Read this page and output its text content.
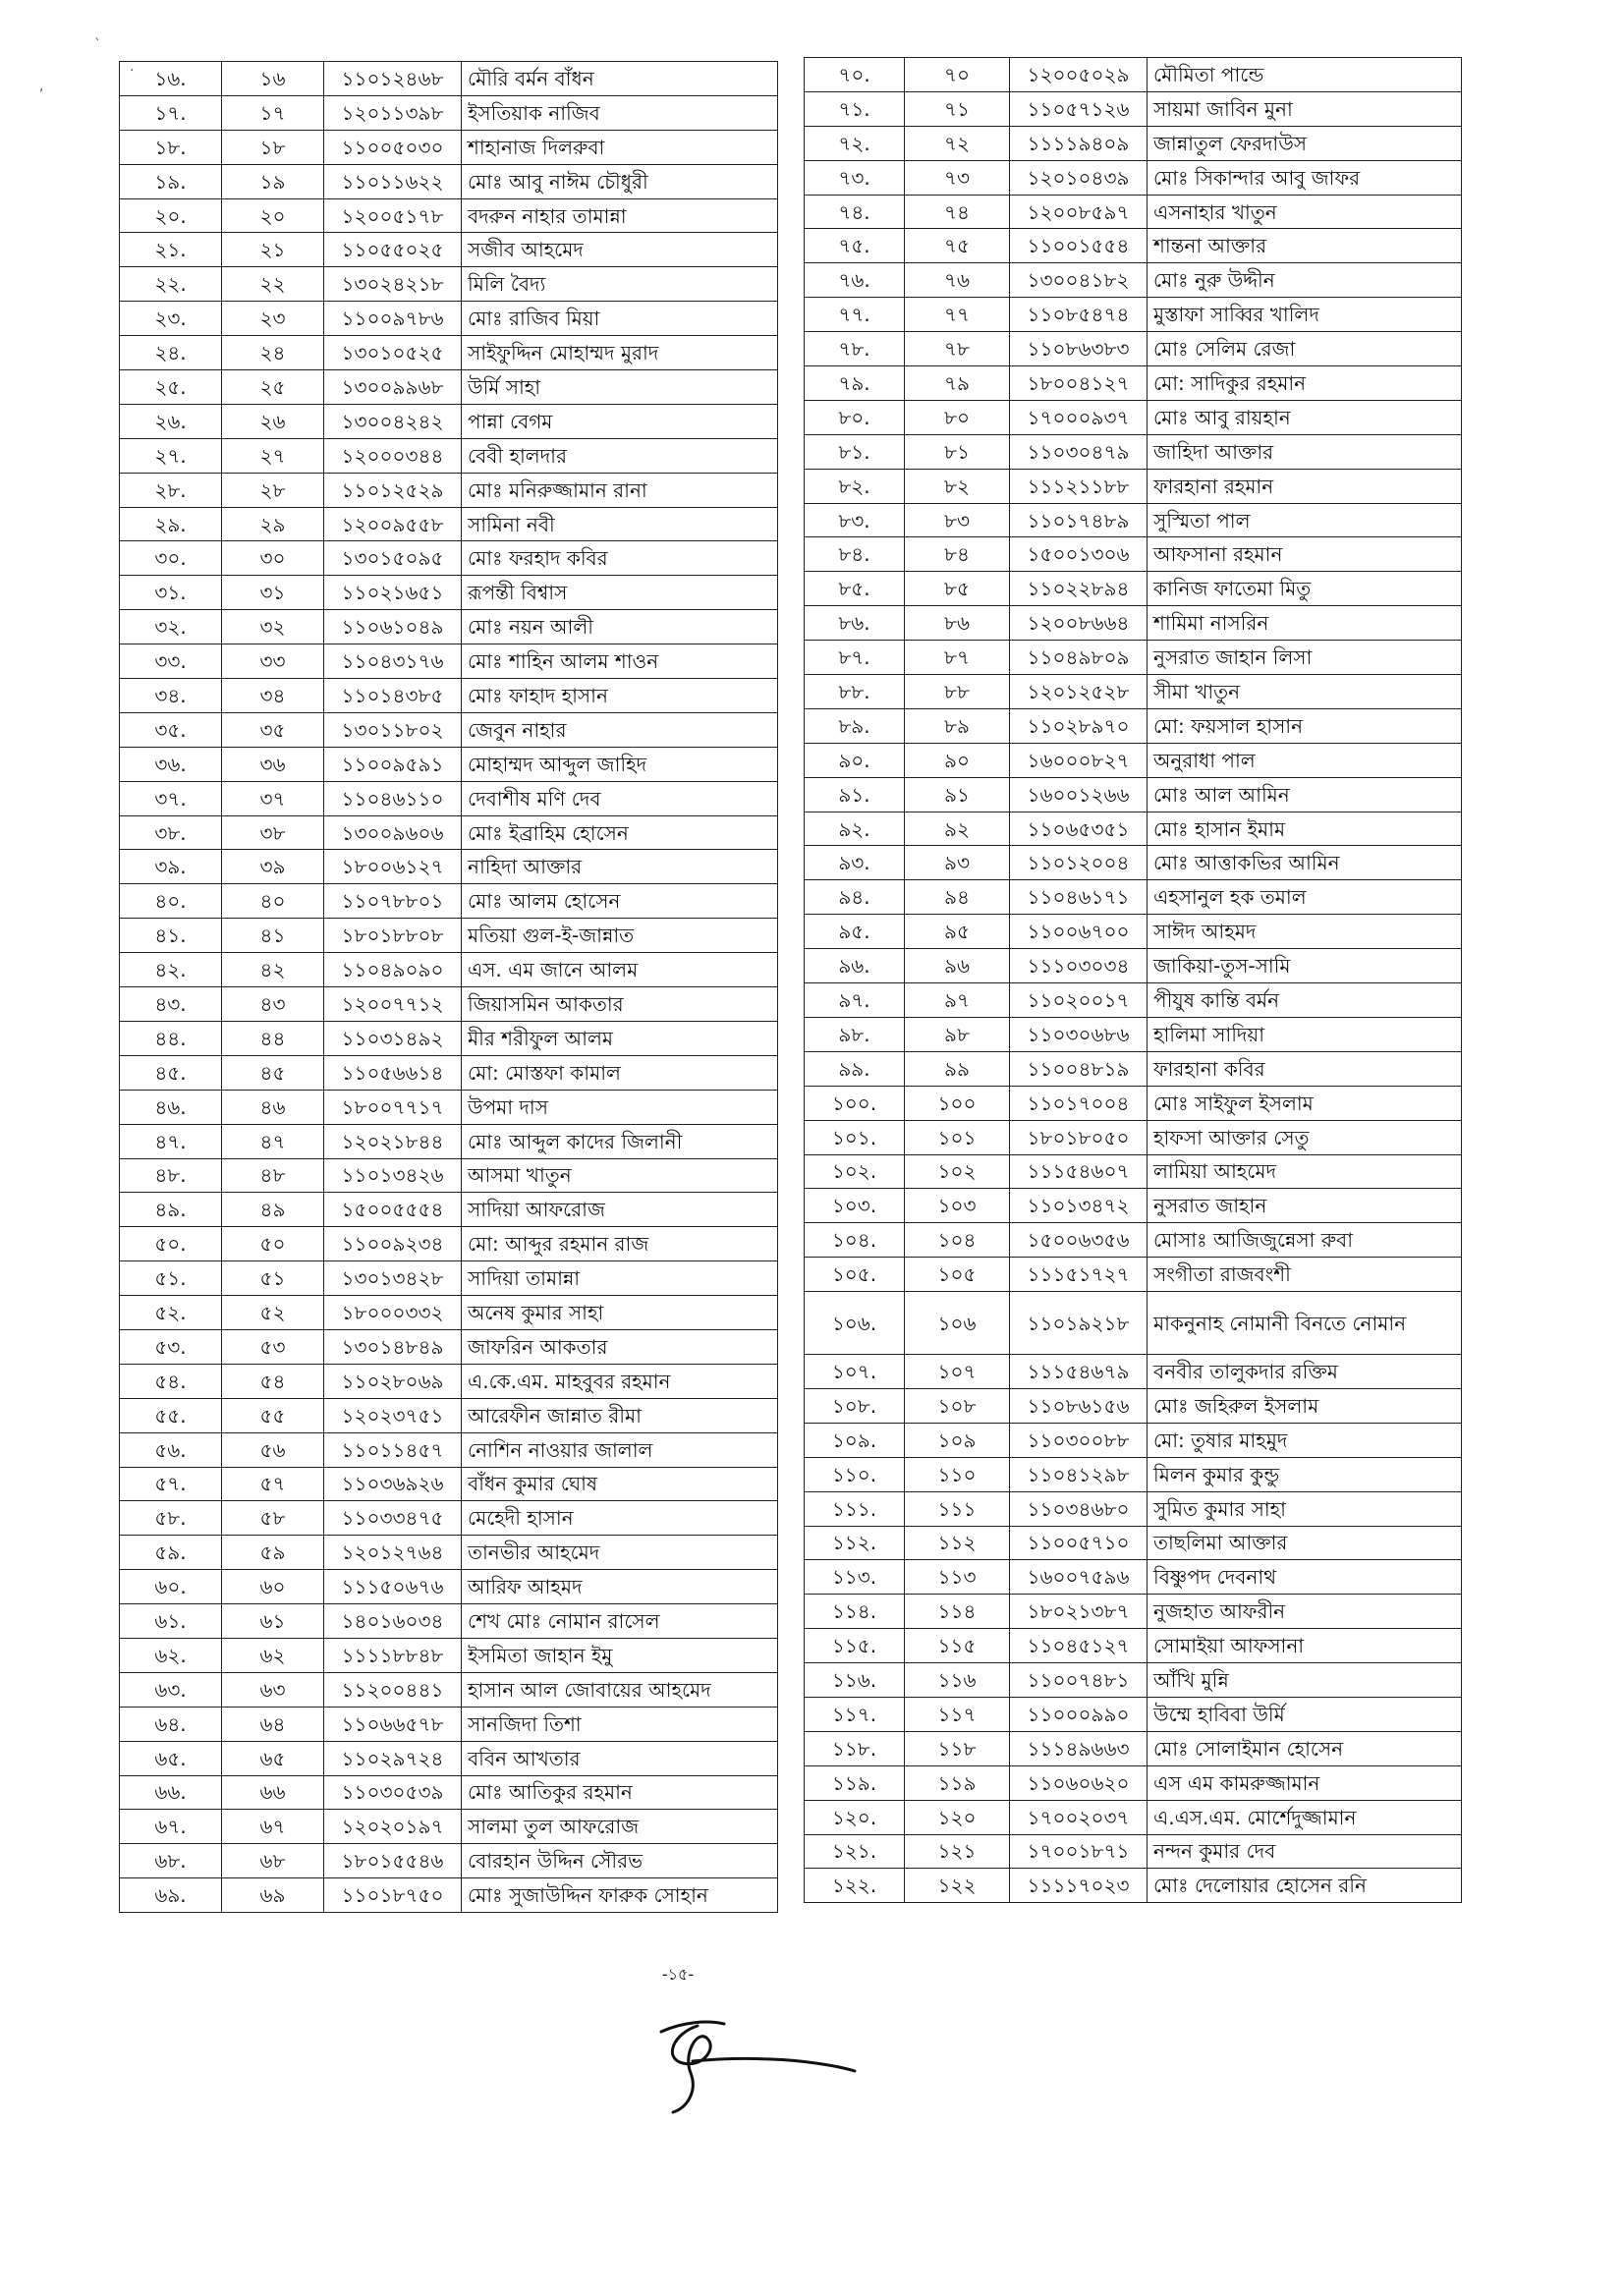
ˋ
.
,	১৬.	১৬	১১০১২৪৬৮	মৌরি বর্মন বাঁধন
১৭.	১৭	১২০১১৩৯৮	ইসতিয়াক নাজিব
১৮.	১৮	১১০০৫০৩০	শাহানাজ দিলরুবা
১৯.	১৯	১১০১১৬২২	মোঃ আবু নাঈম চৌধুরী
২০.	২০	১২০০৫১৭৮	বদরুন নাহার তামান্না
২১.	২১	১১০৫৫০২৫	সজীব আহমেদ
২২.	২২	১৩০২৪২১৮	মিলি বৈদ্য
২৩.	২৩	১১০০৯৭৮৬	মোঃ রাজিব মিয়া
২৪.	২৪	১৩০১০৫২৫	সাইফুদ্দিন মোহাম্মদ মুরাদ
২৫.	২৫	১৩০০৯৯৬৮	উর্মি সাহা
২৬.	২৬	১৩০০৪২৪২	পান্না বেগম
২৭.	২৭	১২০০০৩৪৪	বেবী হালদার
২৮.	২৮	১১০১২৫২৯	মোঃ মনিরুজ্জামান রানা
২৯.	২৯	১২০০৯৫৫৮	সামিনা নবী
৩০.	৩০	১৩০১৫০৯৫	মোঃ ফরহাদ কবির
৩১.	৩১	১১০২১৬৫১	রূপন্তী বিশ্বাস
৩২.	৩২	১১০৬১০৪৯	মোঃ নয়ন আলী
৩৩.	৩৩	১১০৪৩১৭৬	মোঃ শাহিন আলম শাওন
৩৪.	৩৪	১১০১৪৩৮৫	মোঃ ফাহাদ হাসান
৩৫.	৩৫	১৩০১১৮০২	জেবুন নাহার
৩৬.	৩৬	১১০০৯৫৯১	মোহাম্মদ আব্দুল জাহিদ
৩৭.	৩৭	১১০৪৬১১০	দেবাশীষ মণি দেব
৩৮.	৩৮	১৩০০৯৬০৬	মোঃ ইব্রাহিম হোসেন
৩৯.	৩৯	১৮০০৬১২৭	নাহিদা আক্তার
৪০.	৪০	১১০৭৮৮০১	মোঃ আলম হোসেন
৪১.	৪১	১৮০১৮৮০৮	মতিয়া গুল-ই-জান্নাত
৪২.	৪২	১১০৪৯০৯০	এস. এম জানে আলম
৪৩.	৪৩	১২০০৭৭১২	জিয়াসমিন আকতার
৪৪.	৪৪	১১০৩১৪৯২	মীর শরীফুল আলম
৪৫.	৪৫	১১০৫৬৬১৪	মো: মোস্তফা কামাল
৪৬.	৪৬	১৮০০৭৭১৭	উপমা দাস
৪৭.	৪৭	১২০২১৮৪৪	মোঃ আব্দুল কাদের জিলানী
৪৮.	৪৮	১১০১৩৪২৬	আসমা খাতুন
৪৯.	৪৯	১৫০০৫৫৫৪	সাদিয়া আফরোজ
৫০.	৫০	১১০০৯২৩৪	মো: আব্দুর রহমান রাজ
৫১.	৫১	১৩০১৩৪২৮	সাদিয়া তামান্না
৫২.	৫২	১৮০০০৩৩২	অনেষ কুমার সাহা
৫৩.	৫৩	১৩০১৪৮৪৯	জাফরিন আকতার
৫৪.	৫৪	১১০২৮০৬৯	এ.কে.এম. মাহবুবর রহমান
৫৫.	৫৫	১২০২৩৭৫১	আরেফীন জান্নাত রীমা
৫৬.	৫৬	১১০১১৪৫৭	নোশিন নাওয়ার জালাল
৫৭.	৫৭	১১০৩৬৯২৬	বাঁধন কুমার ঘোষ
৫৮.	৫৮	১১০৩৩৪৭৫	মেহেদী হাসান
৫৯.	৫৯	১২০১২৭৬৪	তানভীর আহমেদ
৬০.	৬০	১১১৫০৬৭৬	আরিফ আহমদ
৬১.	৬১	১৪০১৬০৩৪	শেখ মোঃ নোমান রাসেল
৬২.	৬২	১১১১৮৮৪৮	ইসমিতা জাহান ইমু
৬৩.	৬৩	১১২০০৪৪১	হাসান আল জোবায়ের আহমেদ
৬৪.	৬৪	১১০৬৬৫৭৮	সানজিদা তিশা
৬৫.	৬৫	১১০২৯৭২৪	ববিন আখতার
৬৬.	৬৬	১১০৩০৫৩৯	মোঃ আতিকুর রহমান
৬৭.	৬৭	১২০২০১৯৭	সালমা তুল আফরোজ
৬৮.	৬৮	১৮০১৫৫৪৬	বোরহান উদ্দিন সৌরভ
৬৯.	৬৯	১১০১৮৭৫০	মোঃ সুজাউদ্দিন ফারুক সোহান
৭০.	৭০	১২০০৫০২৯	মৌমিতা পান্ডে
৭১.	৭১	১১০৫৭১২৬	সায়মা জাবিন মুনা
৭২.	৭২	১১১১৯৪০৯	জান্নাতুল ফেরদাউস
৭৩.	৭৩	১২০১০৪৩৯	মোঃ সিকান্দার আবু জাফর
৭৪.	৭৪	১২০০৮৫৯৭	এসনাহার খাতুন
৭৫.	৭৫	১১০০১৫৫৪	শান্তনা আক্তার
৭৬.	৭৬	১৩০০৪১৮২	মোঃ নুরু উদ্দীন
৭৭.	৭৭	১১০৮৫৪৭৪	মুস্তাফা সাব্বির খালিদ
৭৮.	৭৮	১১০৮৬৩৮৩	মোঃ সেলিম রেজা
৭৯.	৭৯	১৮০০৪১২৭	মো: সাদিকুর রহমান
৮০.	৮০	১৭০০০৯৩৭	মোঃ আবু রায়হান
৮১.	৮১	১১০৩০৪৭৯	জাহিদা আক্তার
৮২.	৮২	১১১২১১৮৮	ফারহানা রহমান
৮৩.	৮৩	১১০১৭৪৮৯	সুস্মিতা পাল
৮৪.	৮৪	১৫০০১৩০৬	আফসানা রহমান
৮৫.	৮৫	১১০২২৮৯৪	কানিজ ফাতেমা মিতু
৮৬.	৮৬	১২০০৮৬৬৪	শামিমা নাসরিন
৮৭.	৮৭	১১০৪৯৮০৯	নুসরাত জাহান লিসা
৮৮.	৮৮	১২০১২৫২৮	সীমা খাতুন
৮৯.	৮৯	১১০২৮৯৭০	মো: ফয়সাল হাসান
৯০.	৯০	১৬০০০৮২৭	অনুরাধা পাল
৯১.	৯১	১৬০০১২৬৬	মোঃ আল আমিন
৯২.	৯২	১১০৬৫৩৫১	মোঃ হাসান ইমাম
৯৩.	৯৩	১১০১২০০৪	মোঃ আত্তাকভির আমিন
৯৪.	৯৪	১১০৪৬১৭১	এহসানুল হক তমাল
৯৫.	৯৫	১১০০৬৭০০	সাঈদ আহমদ
৯৬.	৯৬	১১১০৩০৩৪	জাকিয়া-তুস-সামি
৯৭.	৯৭	১১০২০০১৭	পীযুষ কান্তি বর্মন
৯৮.	৯৮	১১০৩০৬৮৬	হালিমা সাদিয়া
৯৯.	৯৯	১১০০৪৮১৯	ফারহানা কবির
১০০.	১০০	১১০১৭০০৪	মোঃ সাইফুল ইসলাম
১০১.	১০১	১৮০১৮০৫০	হাফসা আক্তার সেতু
১০২.	১০২	১১১৫৪৬০৭	লামিয়া আহমেদ
১০৩.	১০৩	১১০১৩৪৭২	নুসরাত জাহান
১০৪.	১০৪	১৫০০৬৩৫৬	মোসাঃ আজিজুন্নেসা রুবা
১০৫.	১০৫	১১১৫১৭২৭	সংগীতা রাজবংশী
১০৬.	১০৬	১১০১৯২১৮	মাকনুনাহ নোমানী বিনতে নোমান
১০৭.	১০৭	১১১৫৪৬৭৯	বনবীর তালুকদার রক্তিম
১০৮.	১০৮	১১০৮৬১৫৬	মোঃ জহিরুল ইসলাম
১০৯.	১০৯	১১০৩০০৮৮	মো: তুষার মাহমুদ
১১০.	১১০	১১০৪১২৯৮	মিলন কুমার কুন্ডু
১১১.	১১১	১১০৩৪৬৮০	সুমিত কুমার সাহা
১১২.	১১২	১১০০৫৭১০	তাছলিমা আক্তার
১১৩.	১১৩	১৬০০৭৫৯৬	বিষ্ণুপদ দেবনাথ
১১৪.	১১৪	১৮০২১৩৮৭	নুজহাত আফরীন
১১৫.	১১৫	১১০৪৫১২৭	সোমাইয়া আফসানা
১১৬.	১১৬	১১০০৭৪৮১	আঁখি মুন্নি
১১৭.	১১৭	১১০০০৯৯০	উম্মে হাবিবা উর্মি
১১৮.	১১৮	১১১৪৯৬৬৩	মোঃ সোলাইমান হোসেন
১১৯.	১১৯	১১০৬০৬২০	এস এম কামরুজ্জামান
১২০.	১২০	১৭০০২০৩৭	এ.এস.এম. মোর্শেদুজ্জামান
১২১.	১২১	১৭০০১৮৭১	নন্দন কুমার দেব
১২২.	১২২	১১১১৭০২৩	মোঃ দেলোয়ার হোসেন রনি
-১৫-
